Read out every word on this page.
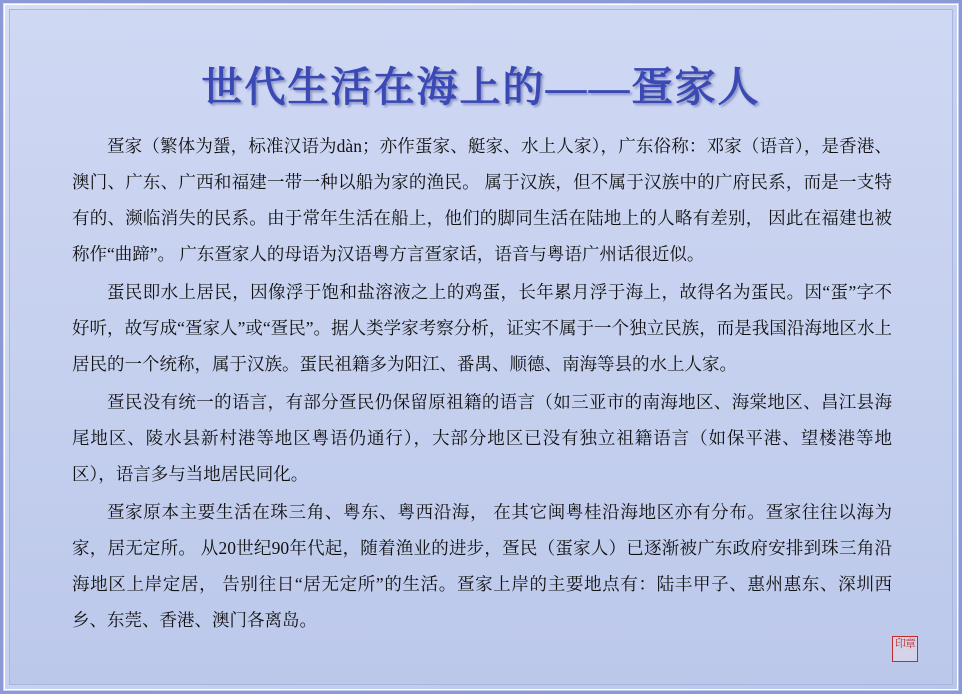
世代生活在海上的——疍家人

疍家（繁体为蜑，标准汉语为dàn；亦作蛋家、艇家、水上人家），广东俗称：邓家（语音），是香港、澳门、广东、广西和福建一带一种以船为家的渔民。 属于汉族，但不属于汉族中的广府民系，而是一支特有的、濒临消失的民系。由于常年生活在船上，他们的脚同生活在陆地上的人略有差别， 因此在福建也被称作“曲蹄”。 广东疍家人的母语为汉语粤方言疍家话，语音与粤语广州话很近似。

蛋民即水上居民，因像浮于饱和盐溶液之上的鸡蛋，长年累月浮于海上，故得名为蛋民。因“蛋”字不好听，故写成“疍家人”或“疍民”。据人类学家考察分析，证实不属于一个独立民族，而是我国沿海地区水上居民的一个统称，属于汉族。蛋民祖籍多为阳江、番禺、顺德、南海等县的水上人家。

疍民没有统一的语言，有部分疍民仍保留原祖籍的语言（如三亚市的南海地区、海棠地区、昌江县海尾地区、陵水县新村港等地区粤语仍通行），大部分地区已没有独立祖籍语言（如保平港、望楼港等地区），语言多与当地居民同化。

疍家原本主要生活在珠三角、粤东、粤西沿海， 在其它闽粤桂沿海地区亦有分布。疍家往往以海为家，居无定所。 从20世纪90年代起，随着渔业的进步，疍民（蛋家人）已逐渐被广东政府安排到珠三角沿海地区上岸定居， 告别往日“居无定所”的生活。疍家上岸的主要地点有：陆丰甲子、惠州惠东、深圳西乡、东莞、香港、澳门各离岛。

印章
